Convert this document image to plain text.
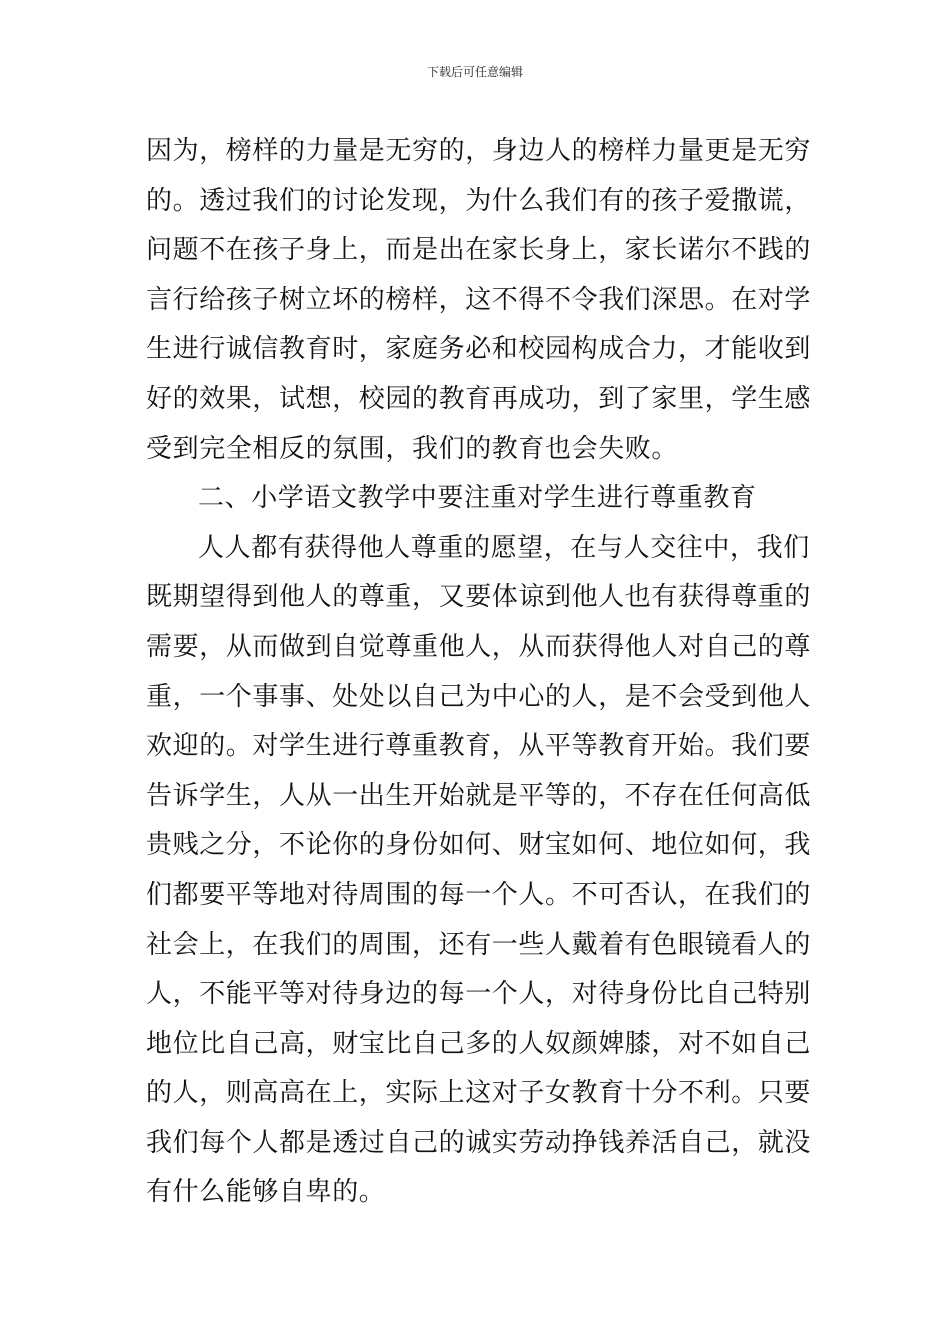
下载后可任意编辑
因为，榜样的力量是无穷的，身边人的榜样力量更是无穷
的。透过我们的讨论发现，为什么我们有的孩子爱撒谎，
问题不在孩子身上，而是出在家长身上，家长诺尔不践的
言行给孩子树立坏的榜样，这不得不令我们深思。在对学
生进行诚信教育时，家庭务必和校园构成合力，才能收到
好的效果，试想，校园的教育再成功，到了家里，学生感
受到完全相反的氛围，我们的教育也会失败。
二、小学语文教学中要注重对学生进行尊重教育
人人都有获得他人尊重的愿望，在与人交往中，我们
既期望得到他人的尊重，又要体谅到他人也有获得尊重的
需要，从而做到自觉尊重他人，从而获得他人对自己的尊
重，一个事事、处处以自己为中心的人，是不会受到他人
欢迎的。对学生进行尊重教育，从平等教育开始。我们要
告诉学生，人从一出生开始就是平等的，不存在任何高低
贵贱之分，不论你的身份如何、财宝如何、地位如何，我
们都要平等地对待周围的每一个人。不可否认，在我们的
社会上，在我们的周围，还有一些人戴着有色眼镜看人的
人，不能平等对待身边的每一个人，对待身份比自己特别
地位比自己高，财宝比自己多的人奴颜婢膝，对不如自己
的人，则高高在上，实际上这对子女教育十分不利。只要
我们每个人都是透过自己的诚实劳动挣钱养活自己，就没
有什么能够自卑的。
